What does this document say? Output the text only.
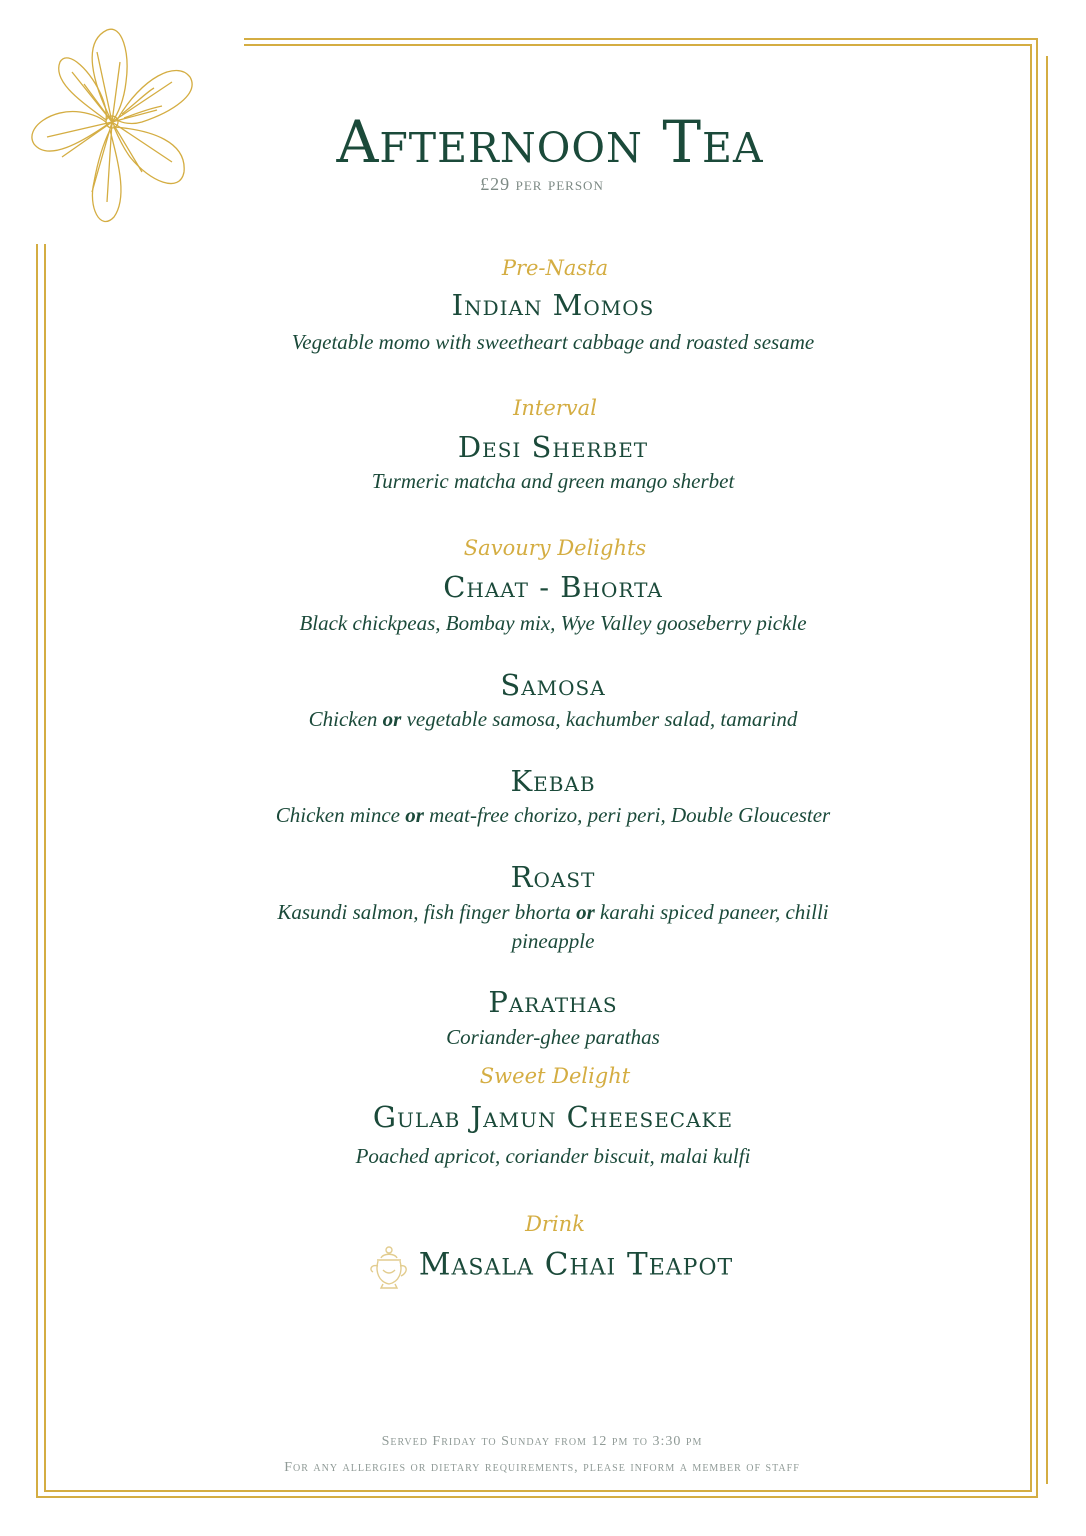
Afternoon Tea
£29 per person
Pre-Nasta
Indian Momos
Vegetable momo with sweetheart cabbage and roasted sesame
Interval
Desi Sherbet
Turmeric matcha and green mango sherbet
Savoury Delights
Chaat - Bhorta
Black chickpeas, Bombay mix, Wye Valley gooseberry pickle
Samosa
Chicken or vegetable samosa, kachumber salad, tamarind
Kebab
Chicken mince or meat-free chorizo, peri peri, Double Gloucester
Roast
Kasundi salmon, fish finger bhorta or karahi spiced paneer, chilli pineapple
Parathas
Coriander-ghee parathas
Sweet Delight
Gulab Jamun Cheesecake
Poached apricot, coriander biscuit, malai kulfi
Drink
Masala Chai Teapot
Served Friday to Sunday from 12 pm to 3:30 pm
For any allergies or dietary requirements, please inform a member of staff
